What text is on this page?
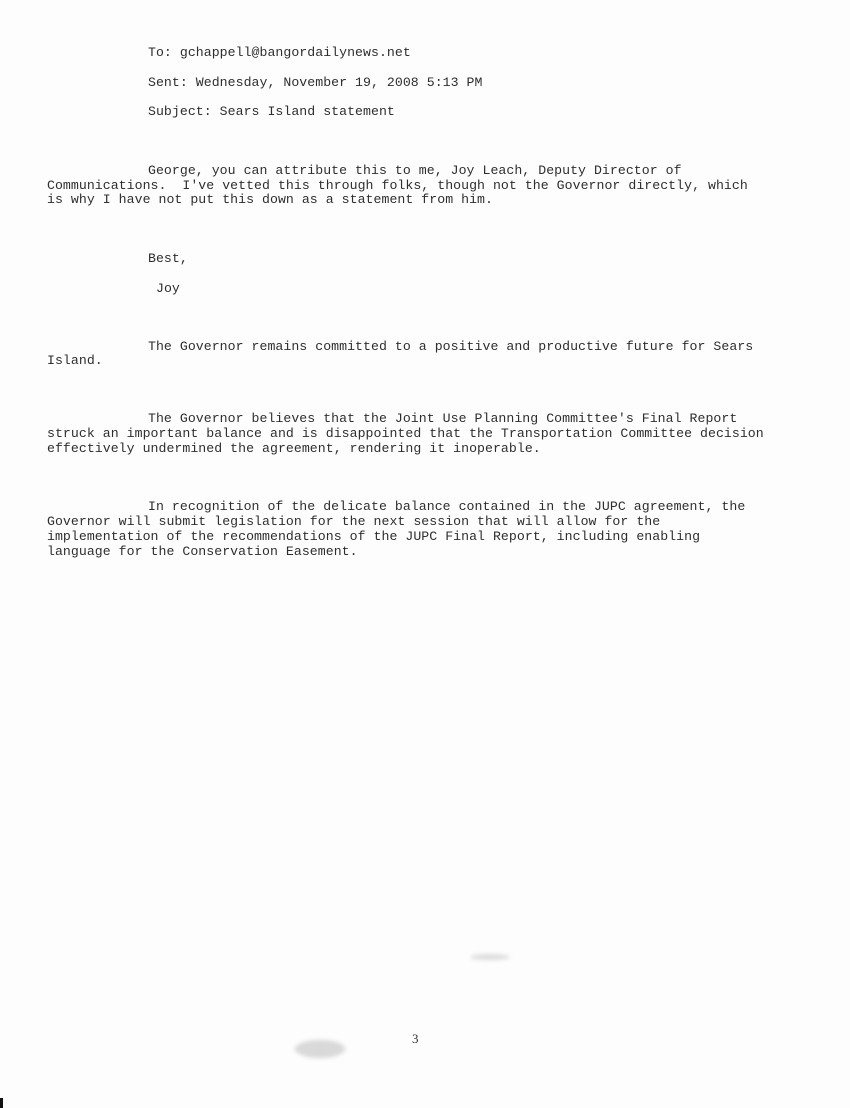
To: gchappell@bangordailynews.net
Sent: Wednesday, November 19, 2008 5:13 PM
Subject: Sears Island statement
George, you can attribute this to me, Joy Leach, Deputy Director of
Communications.  I've vetted this through folks, though not the Governor directly, which
is why I have not put this down as a statement from him.
Best,
Joy
The Governor remains committed to a positive and productive future for Sears
Island.
The Governor believes that the Joint Use Planning Committee's Final Report
struck an important balance and is disappointed that the Transportation Committee decision
effectively undermined the agreement, rendering it inoperable.
In recognition of the delicate balance contained in the JUPC agreement, the
Governor will submit legislation for the next session that will allow for the
implementation of the recommendations of the JUPC Final Report, including enabling
language for the Conservation Easement.
3
